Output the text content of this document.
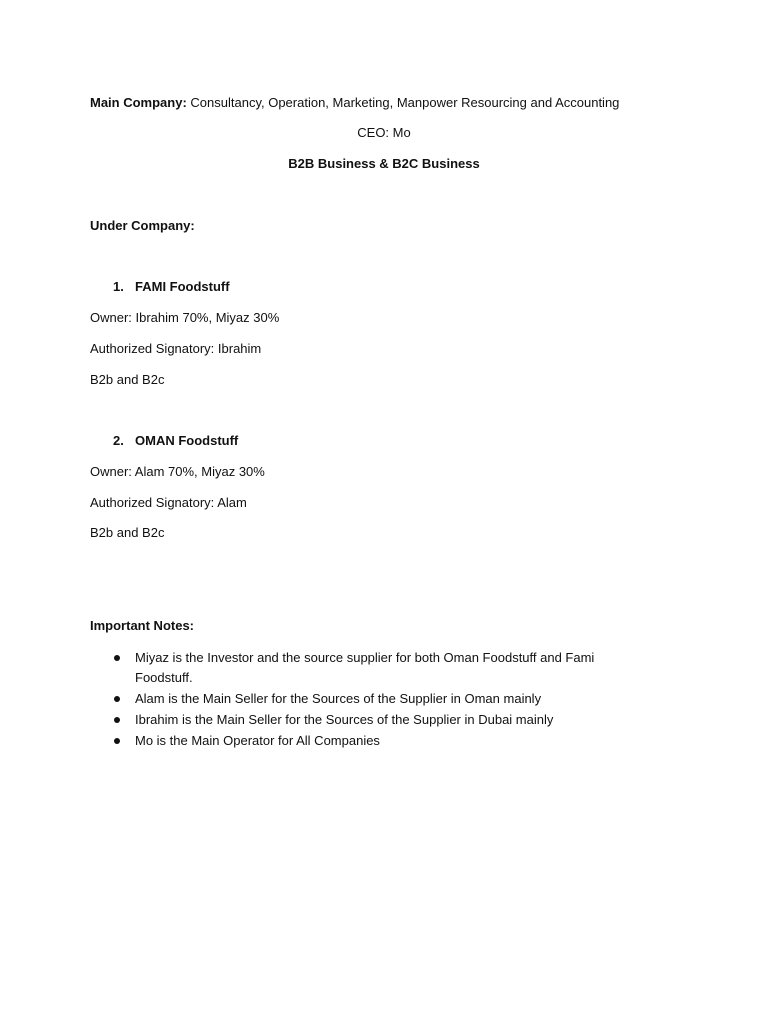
Main Company: Consultancy, Operation, Marketing, Manpower Resourcing and Accounting
CEO: Mo
B2B Business & B2C Business
Under Company:
1. FAMI Foodstuff
Owner: Ibrahim 70%, Miyaz 30%
Authorized Signatory: Ibrahim
B2b and B2c
2. OMAN Foodstuff
Owner: Alam 70%, Miyaz 30%
Authorized Signatory: Alam
B2b and B2c
Important Notes:
Miyaz is the Investor and the source supplier for both Oman Foodstuff and Fami Foodstuff.
Alam is the Main Seller for the Sources of the Supplier in Oman mainly
Ibrahim is the Main Seller for the Sources of the Supplier in Dubai mainly
Mo is the Main Operator for All Companies
